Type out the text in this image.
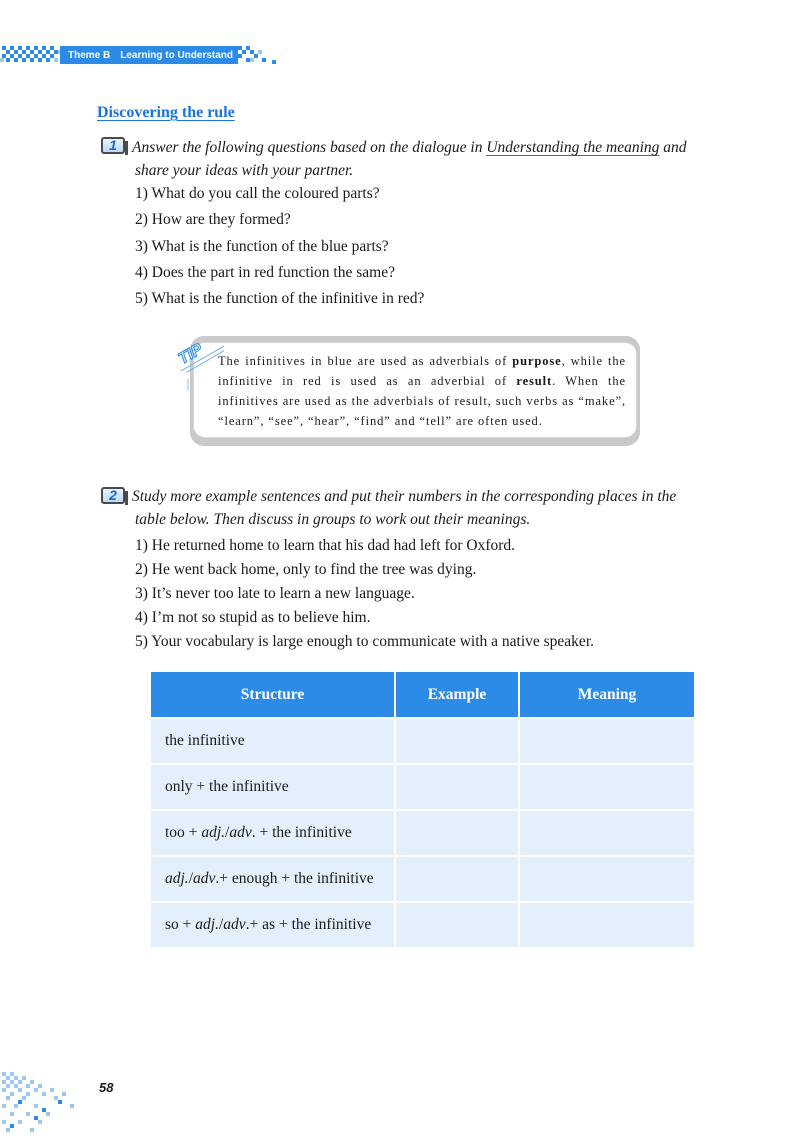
Theme B Learning to Understand
Discovering the rule
1 Answer the following questions based on the dialogue in Understanding the meaning and
share your ideas with your partner.
1) What do you call the coloured parts?
2) How are they formed?
3) What is the function of the blue parts?
4) Does the part in red function the same?
5) What is the function of the infinitive in red?
TIP The infinitives in blue are used as adverbials of purpose, while the infinitive in red is used as an adverbial of result. When the infinitives are used as the adverbials of result, such verbs as “make”, “learn”, “see”, “hear”, “find” and “tell” are often used.
2 Study more example sentences and put their numbers in the corresponding places in the
table below. Then discuss in groups to work out their meanings.
1) He returned home to learn that his dad had left for Oxford.
2) He went back home, only to find the tree was dying.
3) It’s never too late to learn a new language.
4) I’m not so stupid as to believe him.
5) Your vocabulary is large enough to communicate with a native speaker.
Structure	Example	Meaning
the infinitive		
only + the infinitive		
too + adj./adv. + the infinitive		
adj./adv.+ enough + the infinitive		
so + adj./adv.+ as + the infinitive		
58
